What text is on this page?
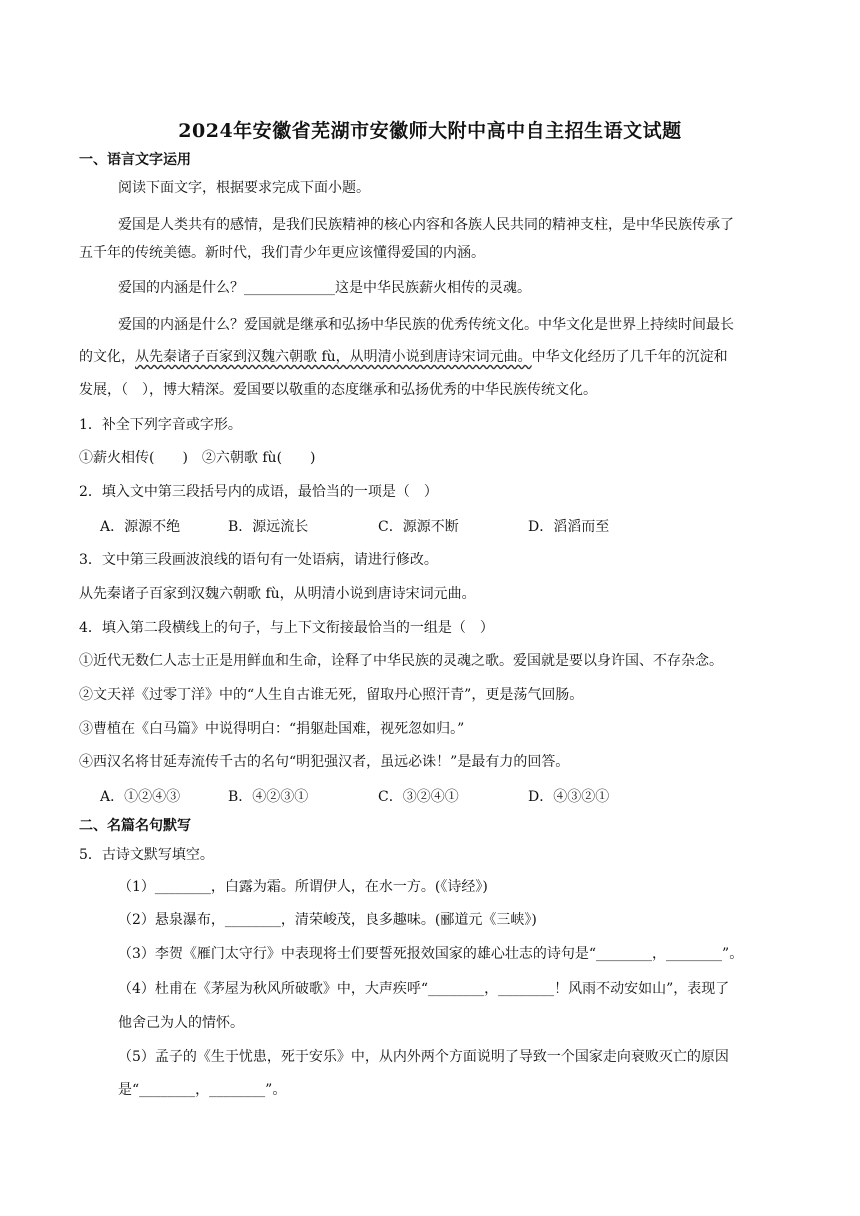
2024年安徽省芜湖市安徽师大附中高中自主招生语文试题
一、语言文字运用
阅读下面文字，根据要求完成下面小题。
爱国是人类共有的感情，是我们民族精神的核心内容和各族人民共同的精神支柱，是中华民族传承了
五千年的传统美德。新时代，我们青少年更应该懂得爱国的内涵。
爱国的内涵是什么？_____________这是中华民族薪火相传的灵魂。
爱国的内涵是什么？爱国就是继承和弘扬中华民族的优秀传统文化。中华文化是世界上持续时间最长
的文化，从先秦诸子百家到汉魏六朝歌 fù，从明清小说到唐诗宋词元曲。中华文化经历了几千年的沉淀和
发展，（　），博大精深。爱国要以敬重的态度继承和弘扬优秀的中华民族传统文化。
1．补全下列字音或字形。
①薪火相传(　　)　②六朝歌 fù(　　)
2．填入文中第三段括号内的成语，最恰当的一项是（　）
A．源源不绝	B．源远流长	C．源源不断	D．滔滔而至
3．文中第三段画波浪线的语句有一处语病，请进行修改。
从先秦诸子百家到汉魏六朝歌 fù，从明清小说到唐诗宋词元曲。
4．填入第二段横线上的句子，与上下文衔接最恰当的一组是（　）
①近代无数仁人志士正是用鲜血和生命，诠释了中华民族的灵魂之歌。爱国就是要以身许国、不存杂念。
②文天祥《过零丁洋》中的“人生自古谁无死，留取丹心照汗青”，更是荡气回肠。
③曹植在《白马篇》中说得明白：“捐躯赴国难，视死忽如归。”
④西汉名将甘延寿流传千古的名句“明犯强汉者，虽远必诛！”是最有力的回答。
A．①②④③	B．④②③①	C．③②④①	D．④③②①
二、名篇名句默写
5．古诗文默写填空。
（1）________，白露为霜。所谓伊人，在水一方。(《诗经》)
（2）悬泉瀑布，________，清荣峻茂，良多趣味。(郦道元《三峡》)
（3）李贺《雁门太守行》中表现将士们要誓死报效国家的雄心壮志的诗句是“________，________”。
（4）杜甫在《茅屋为秋风所破歌》中，大声疾呼“________，________！风雨不动安如山”，表现了
他舍己为人的情怀。
（5）孟子的《生于忧患，死于安乐》中，从内外两个方面说明了导致一个国家走向衰败灭亡的原因
是“________，________”。
